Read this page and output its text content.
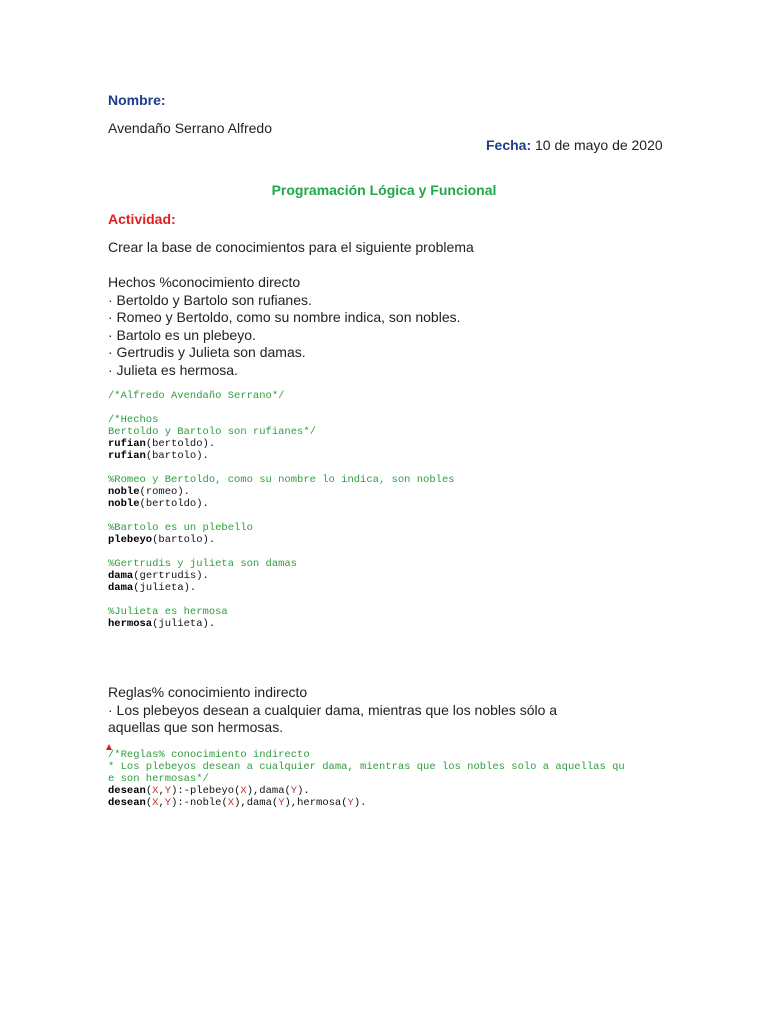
Nombre:
Avendaño Serrano Alfredo
Fecha: 10 de mayo de 2020
Programación Lógica y Funcional
Actividad:
Crear la base de conocimientos para el siguiente problema
Hechos %conocimiento directo
· Bertoldo y Bartolo son rufianes.
· Romeo y Bertoldo, como su nombre indica, son nobles.
· Bartolo es un plebeyo.
· Gertrudis y Julieta son damas.
· Julieta es hermosa.
/*Alfredo Avendaño Serrano*/

/*Hechos
Bertoldo y Bartolo son rufianes*/
rufian(bertoldo).
rufian(bartolo).

%Romeo y Bertoldo, como su nombre lo indica, son nobles
noble(romeo).
noble(bertoldo).

%Bartolo es un plebello
plebeyo(bartolo).

%Gertrudis y julieta son damas
dama(gertrudis).
dama(julieta).

%Julieta es hermosa
hermosa(julieta).
Reglas% conocimiento indirecto
· Los plebeyos desean a cualquier dama, mientras que los nobles sólo a
aquellas que son hermosas.
/*Reglas% conocimiento indirecto
* Los plebeyos desean a cualquier dama, mientras que los nobles solo a aquellas qu
e son hermosas*/
desean(X,Y):-plebeyo(X),dama(Y).
desean(X,Y):-noble(X),dama(Y),hermosa(Y).
